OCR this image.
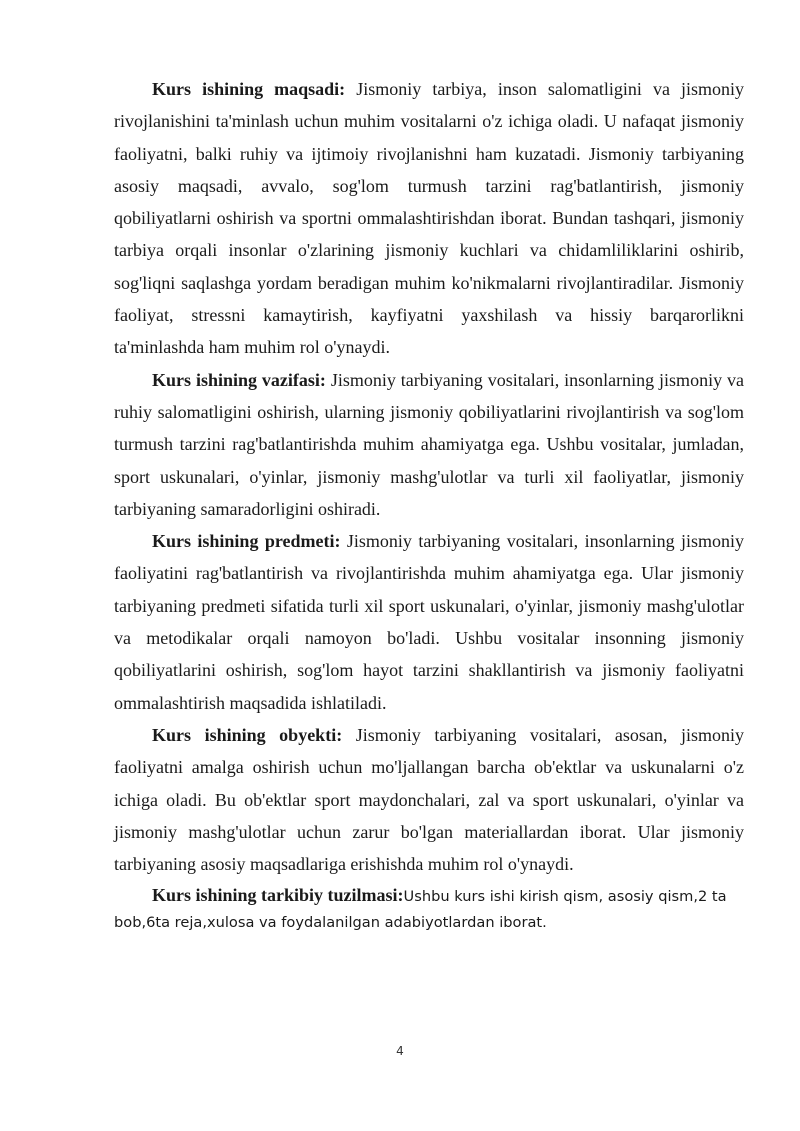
Kurs ishining maqsadi: Jismoniy tarbiya, inson salomatligini va jismoniy rivojlanishini ta'minlash uchun muhim vositalarni o'z ichiga oladi. U nafaqat jismoniy faoliyatni, balki ruhiy va ijtimoiy rivojlanishni ham kuzatadi. Jismoniy tarbiyaning asosiy maqsadi, avvalo, sog'lom turmush tarzini rag'batlantirish, jismoniy qobiliyatlarni oshirish va sportni ommalashtirishdan iborat. Bundan tashqari, jismoniy tarbiya orqali insonlar o'zlarining jismoniy kuchlari va chidamliliklarini oshirib, sog'liqni saqlashga yordam beradigan muhim ko'nikmalarni rivojlantiradilar. Jismoniy faoliyat, stressni kamaytirish, kayfiyatni yaxshilash va hissiy barqarorlikni ta'minlashda ham muhim rol o'ynaydi.

Kurs ishining vazifasi: Jismoniy tarbiyaning vositalari, insonlarning jismoniy va ruhiy salomatligini oshirish, ularning jismoniy qobiliyatlarini rivojlantirish va sog'lom turmush tarzini rag'batlantirishda muhim ahamiyatga ega. Ushbu vositalar, jumladan, sport uskunalari, o'yinlar, jismoniy mashg'ulotlar va turli xil faoliyatlar, jismoniy tarbiyaning samaradorligini oshiradi.

Kurs ishining predmeti: Jismoniy tarbiyaning vositalari, insonlarning jismoniy faoliyatini rag'batlantirish va rivojlantirishda muhim ahamiyatga ega. Ular jismoniy tarbiyaning predmeti sifatida turli xil sport uskunalari, o'yinlar, jismoniy mashg'ulotlar va metodikalar orqali namoyon bo'ladi. Ushbu vositalar insonning jismoniy qobiliyatlarini oshirish, sog'lom hayot tarzini shakllantirish va jismoniy faoliyatni ommalashtirish maqsadida ishlatiladi.

Kurs ishining obyekti: Jismoniy tarbiyaning vositalari, asosan, jismoniy faoliyatni amalga oshirish uchun mo'ljallangan barcha ob'ektlar va uskunalarni o'z ichiga oladi. Bu ob'ektlar sport maydonchalari, zal va sport uskunalari, o'yinlar va jismoniy mashg'ulotlar uchun zarur bo'lgan materiallardan iborat. Ular jismoniy tarbiyaning asosiy maqsadlariga erishishda muhim rol o'ynaydi.

Kurs ishining tarkibiy tuzilmasi:Ushbu kurs ishi kirish qism, asosiy qism,2 ta bob,6ta reja,xulosa va foydalanilgan adabiyotlardan iborat.

4
